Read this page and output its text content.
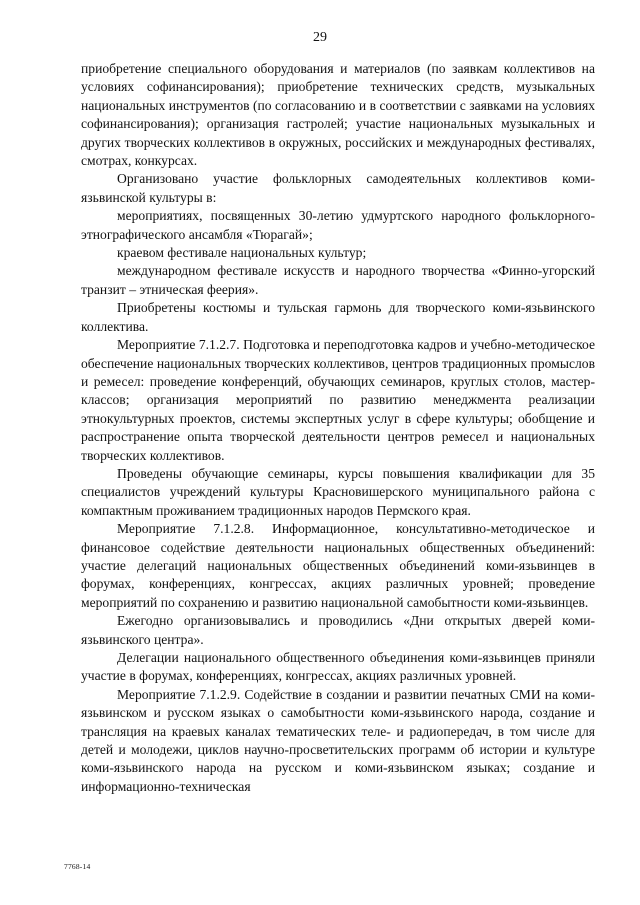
29

приобретение специального оборудования и материалов (по заявкам коллективов на условиях софинансирования); приобретение технических средств, музыкальных национальных инструментов (по согласованию и в соответствии с заявками на условиях софинансирования); организация гастролей; участие национальных музыкальных и других творческих коллективов в окружных, российских и международных фестивалях, смотрах, конкурсах.

Организовано участие фольклорных самодеятельных коллективов коми-язьвинской культуры в:

мероприятиях, посвященных 30-летию удмуртского народного фольклорного-этнографического ансамбля «Тюрагай»;

краевом фестивале национальных культур;

международном фестивале искусств и народного творчества «Финно-угорский транзит – этническая феерия».

Приобретены костюмы и тульская гармонь для творческого коми-язьвинского коллектива.

Мероприятие 7.1.2.7. Подготовка и переподготовка кадров и учебно-методическое обеспечение национальных творческих коллективов, центров традиционных промыслов и ремесел: проведение конференций, обучающих семинаров, круглых столов, мастер-классов; организация мероприятий по развитию менеджмента реализации этнокультурных проектов, системы экспертных услуг в сфере культуры; обобщение и распространение опыта творческой деятельности центров ремесел и национальных творческих коллективов.

Проведены обучающие семинары, курсы повышения квалификации для 35 специалистов учреждений культуры Красновишерского муниципального района с компактным проживанием традиционных народов Пермского края.

Мероприятие 7.1.2.8. Информационное, консультативно-методическое и финансовое содействие деятельности национальных общественных объединений: участие делегаций национальных общественных объединений коми-язьвинцев в форумах, конференциях, конгрессах, акциях различных уровней; проведение мероприятий по сохранению и развитию национальной самобытности коми-язьвинцев.

Ежегодно организовывались и проводились «Дни открытых дверей коми-язьвинского центра».

Делегации национального общественного объединения коми-язьвинцев приняли участие в форумах, конференциях, конгрессах, акциях различных уровней.

Мероприятие 7.1.2.9. Содействие в создании и развитии печатных СМИ на коми-язьвинском и русском языках о самобытности коми-язьвинского народа, создание и трансляция на краевых каналах тематических теле- и радиопередач, в том числе для детей и молодежи, циклов научно-просветительских программ об истории и культуре коми-язьвинского народа на русском и коми-язьвинском языках; создание и информационно-техническая

7768-14
